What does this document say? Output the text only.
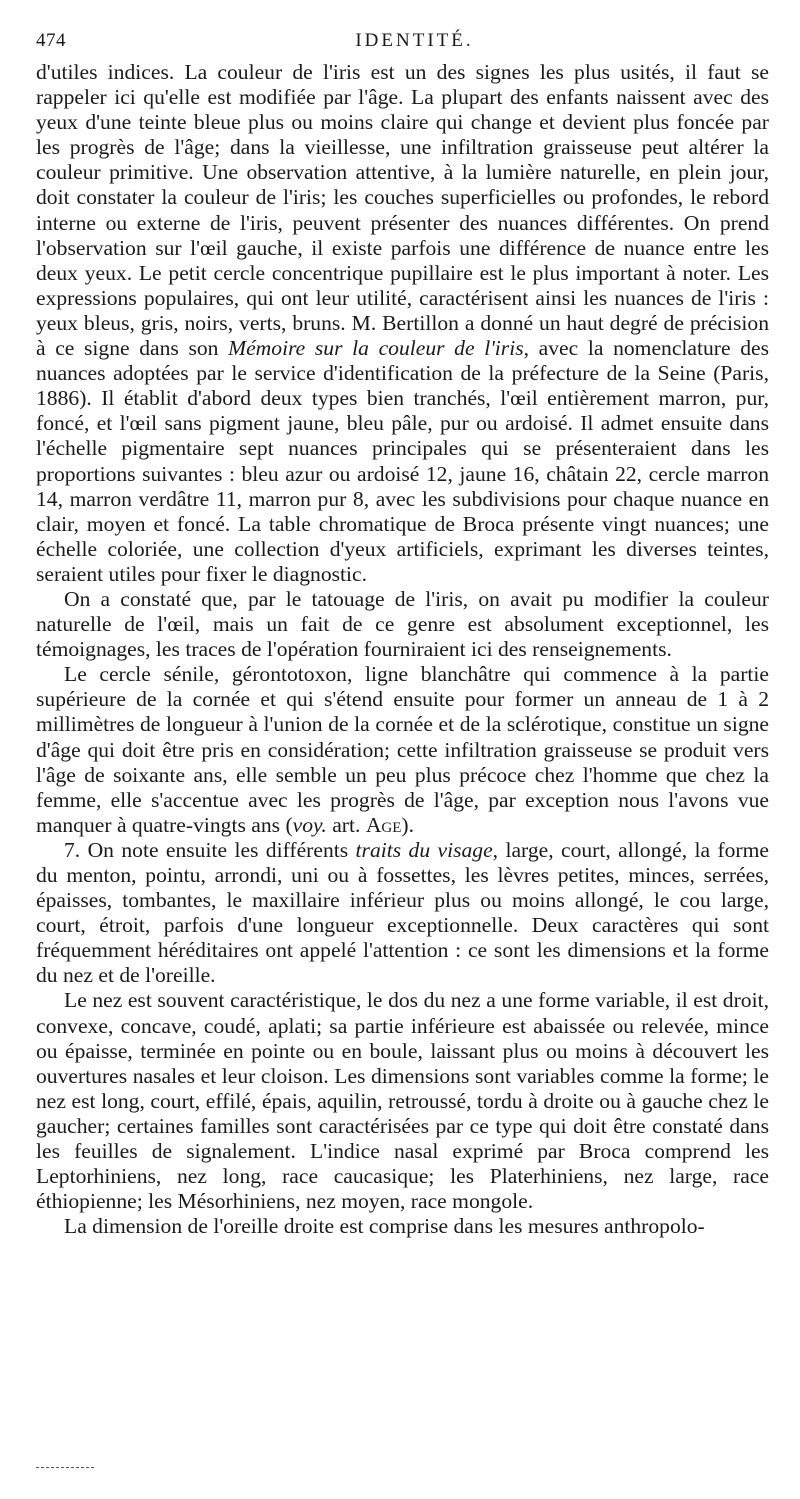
474	IDENTITÉ.

d'utiles indices. La couleur de l'iris est un des signes les plus usités, il faut se rappeler ici qu'elle est modifiée par l'âge. La plupart des enfants naissent avec des yeux d'une teinte bleue plus ou moins claire qui change et devient plus foncée par les progrès de l'âge; dans la vieillesse, une infiltration graisseuse peut altérer la couleur primitive. Une observation attentive, à la lumière naturelle, en plein jour, doit constater la couleur de l'iris; les couches superficielles ou profondes, le rebord interne ou externe de l'iris, peuvent présenter des nuances différentes. On prend l'observation sur l'œil gauche, il existe parfois une différence de nuance entre les deux yeux. Le petit cercle concentrique pupillaire est le plus important à noter. Les expressions populaires, qui ont leur utilité, caractérisent ainsi les nuances de l'iris : yeux bleus, gris, noirs, verts, bruns. M. Bertillon a donné un haut degré de précision à ce signe dans son Mémoire sur la couleur de l'iris, avec la nomenclature des nuances adoptées par le service d'identification de la préfecture de la Seine (Paris, 1886). Il établit d'abord deux types bien tranchés, l'œil entièrement marron, pur, foncé, et l'œil sans pigment jaune, bleu pâle, pur ou ardoisé. Il admet ensuite dans l'échelle pigmentaire sept nuances principales qui se présenteraient dans les proportions suivantes : bleu azur ou ardoisé 12, jaune 16, châtain 22, cercle marron 14, marron verdâtre 11, marron pur 8, avec les subdivisions pour chaque nuance en clair, moyen et foncé. La table chromatique de Broca présente vingt nuances; une échelle coloriée, une collection d'yeux artificiels, exprimant les diverses teintes, seraient utiles pour fixer le diagnostic.

On a constaté que, par le tatouage de l'iris, on avait pu modifier la couleur naturelle de l'œil, mais un fait de ce genre est absolument exceptionnel, les témoignages, les traces de l'opération fourniraient ici des renseignements.

Le cercle sénile, gérontotoxon, ligne blanchâtre qui commence à la partie supérieure de la cornée et qui s'étend ensuite pour former un anneau de 1 à 2 millimètres de longueur à l'union de la cornée et de la sclérotique, constitue un signe d'âge qui doit être pris en considération; cette infiltration graisseuse se produit vers l'âge de soixante ans, elle semble un peu plus précoce chez l'homme que chez la femme, elle s'accentue avec les progrès de l'âge, par exception nous l'avons vue manquer à quatre-vingts ans (voy. art. Age).

7. On note ensuite les différents traits du visage, large, court, allongé, la forme du menton, pointu, arrondi, uni ou à fossettes, les lèvres petites, minces, serrées, épaisses, tombantes, le maxillaire inférieur plus ou moins allongé, le cou large, court, étroit, parfois d'une longueur exceptionnelle. Deux caractères qui sont fréquemment héréditaires ont appelé l'attention : ce sont les dimensions et la forme du nez et de l'oreille.

Le nez est souvent caractéristique, le dos du nez a une forme variable, il est droit, convexe, concave, coudé, aplati; sa partie inférieure est abaissée ou relevée, mince ou épaisse, terminée en pointe ou en boule, laissant plus ou moins à découvert les ouvertures nasales et leur cloison. Les dimensions sont variables comme la forme; le nez est long, court, effilé, épais, aquilin, retroussé, tordu à droite ou à gauche chez le gaucher; certaines familles sont caractérisées par ce type qui doit être constaté dans les feuilles de signalement. L'indice nasal exprimé par Broca comprend les Leptorhiniens, nez long, race caucasique; les Platerhiniens, nez large, race éthiopienne; les Mésorhiniens, nez moyen, race mongole.

La dimension de l'oreille droite est comprise dans les mesures anthropolo-
